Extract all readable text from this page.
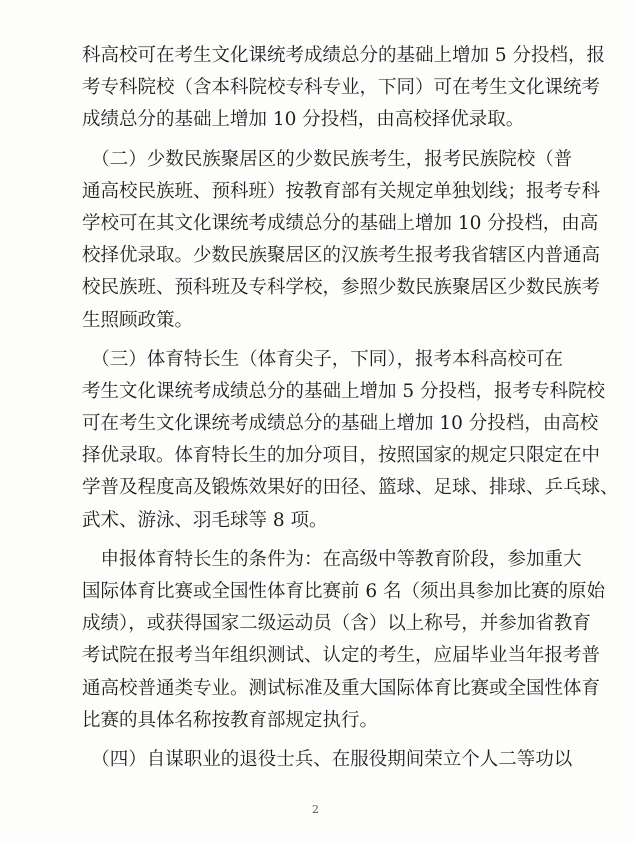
科高校可在考生文化课统考成绩总分的基础上增加 5 分投档，报
考专科院校（含本科院校专科专业，下同）可在考生文化课统考
成绩总分的基础上增加 10 分投档，由高校择优录取。
　（二）少数民族聚居区的少数民族考生，报考民族院校（普
通高校民族班、预科班）按教育部有关规定单独划线；报考专科
学校可在其文化课统考成绩总分的基础上增加 10 分投档，由高
校择优录取。少数民族聚居区的汉族考生报考我省辖区内普通高
校民族班、预科班及专科学校，参照少数民族聚居区少数民族考
生照顾政策。
　（三）体育特长生（体育尖子，下同），报考本科高校可在
考生文化课统考成绩总分的基础上增加 5 分投档，报考专科院校
可在考生文化课统考成绩总分的基础上增加 10 分投档，由高校
择优录取。体育特长生的加分项目，按照国家的规定只限定在中
学普及程度高及锻炼效果好的田径、篮球、足球、排球、乒乓球、
武术、游泳、羽毛球等 8 项。
　申报体育特长生的条件为：在高级中等教育阶段，参加重大
国际体育比赛或全国性体育比赛前 6 名（须出具参加比赛的原始
成绩），或获得国家二级运动员（含）以上称号，并参加省教育
考试院在报考当年组织测试、认定的考生，应届毕业当年报考普
通高校普通类专业。测试标准及重大国际体育比赛或全国性体育
比赛的具体名称按教育部规定执行。
　（四）自谋职业的退役士兵、在服役期间荣立个人二等功以
2
